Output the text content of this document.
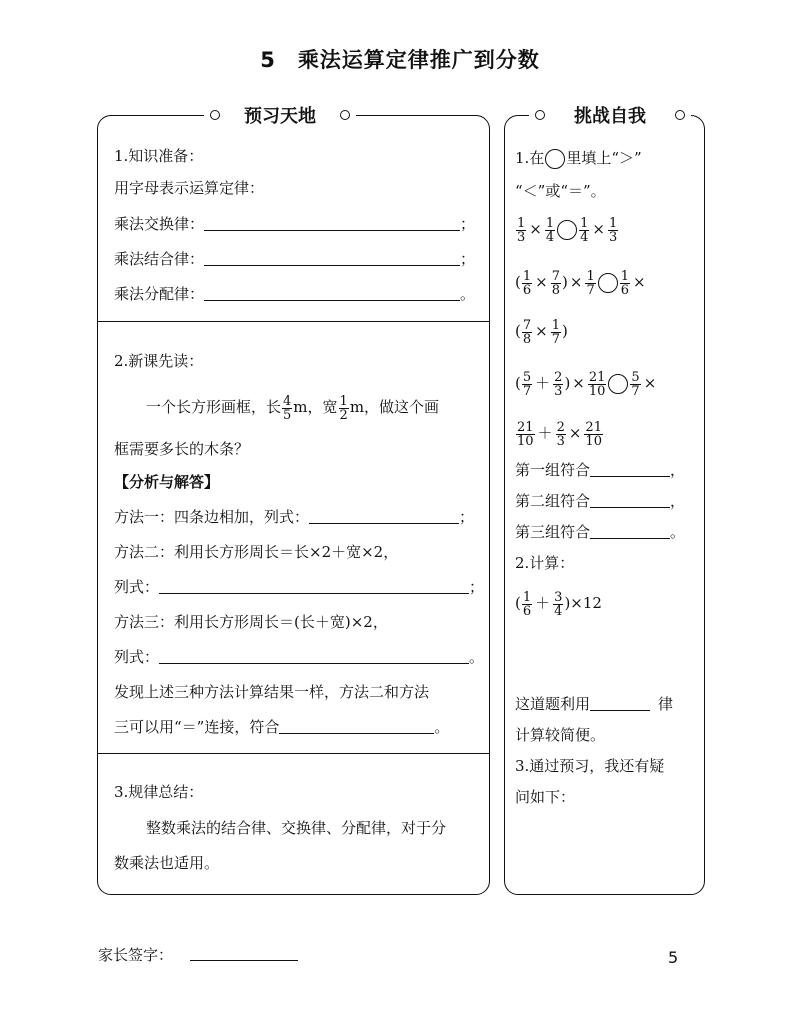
5 乘法运算定律推广到分数
预习天地
1.知识准备：
用字母表示运算定律：
乘法交换律：	；
乘法结合律：	；
乘法分配律：	。
2.新课先读：
一个长方形画框，长 $\frac{4}{5}$ m，宽 $\frac{1}{2}$ m，做这个画
框需要多长的木条？
【分析与解答】
方法一：四条边相加，列式：	；
方法二：利用长方形周长＝长×2＋宽×2，
列式：	；
方法三：利用长方形周长＝(长＋宽)×2，
列式：	。
发现上述三种方法计算结果一样，方法二和方法
三可以用“＝”连接，符合	。
3.规律总结：
整数乘法的结合律、交换律、分配律，对于分
数乘法也适用。
挑战自我
1.在 里填上“＞”
“＜”或“＝”。
$\frac{1}{3} \times \frac{1}{4} \frac{1}{4} \times \frac{1}{3}$
( $\frac{1}{6} \times \frac{7}{8}$ ) × $\frac{1}{7} \frac{1}{6}$ ×
( $\frac{7}{8} \times \frac{1}{7}$ )
( $\frac{5}{7} + \frac{2}{3}$ ) × $\frac{21}{10} \frac{5}{7}$ ×
$\frac{21}{10} + \frac{2}{3} \times \frac{21}{10}$
第一组符合	，
第二组符合	，
第三组符合	。
2.计算：
( $\frac{1}{6} + \frac{3}{4} )\times 12$
这道题利用	律
计算较简便。
3.通过预习，我还有疑
问如下：
家长签字：	5
